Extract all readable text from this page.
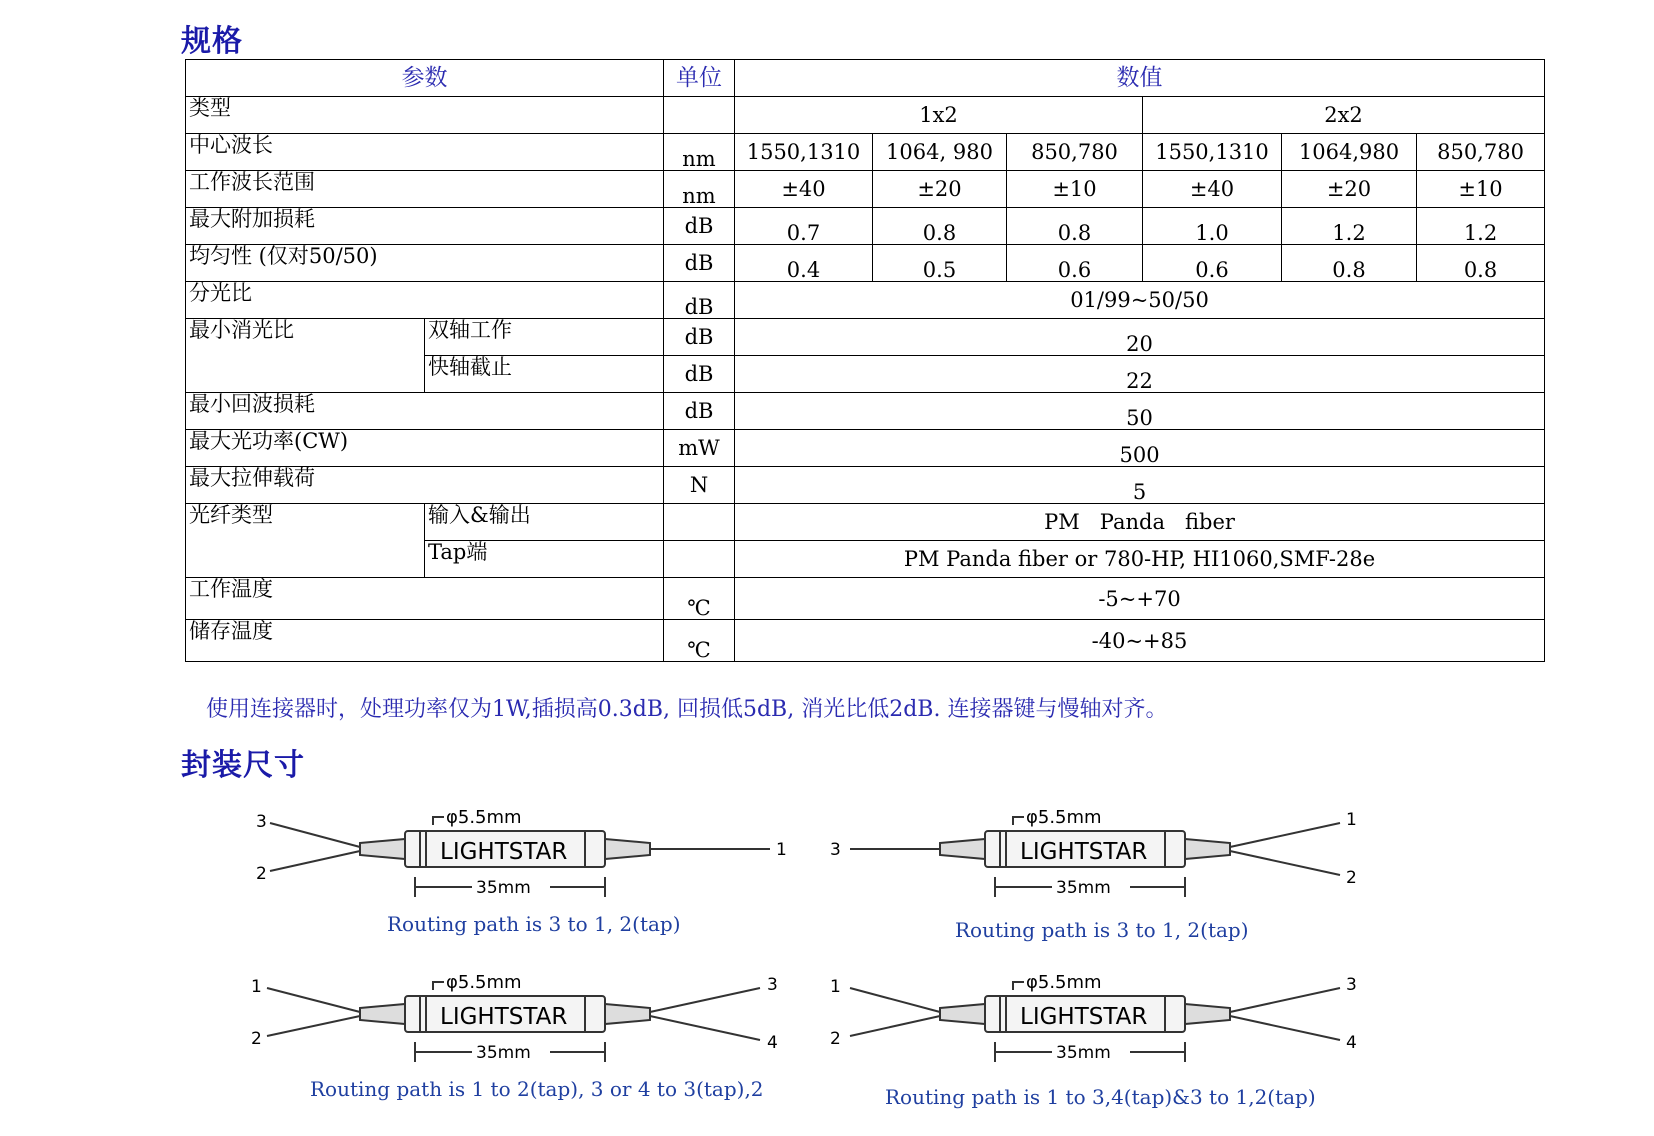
规格
参数		单位	数值					
类型			1x2			2x2		
中心波长		nm	1550,1310	1064, 980	850,780	1550,1310	1064,980	850,780
工作波长范围		nm	±40	±20	±10	±40	±20	±10
最大附加损耗		dB	0.7	0.8	0.8	1.0	1.2	1.2
均匀性 (仅对50/50)		dB	0.4	0.5	0.6	0.6	0.8	0.8
分光比		dB	01/99~50/50					
最小消光比	双轴工作	dB	20					
	快轴截止	dB	22					
最小回波损耗		dB	50					
最大光功率(CW)		mW	500					
最大拉伸载荷		N	5					
光纤类型	输入&输出		PM   Panda   fiber					
	Tap端		PM Panda fiber or 780-HP, HI1060,SMF-28e					
工作温度		℃	-5~+70					
储存温度		℃	-40~+85					
使用连接器时，处理功率仅为1W,插损高0.3dB, 回损低5dB, 消光比低2dB. 连接器键与慢轴对齐。
封装尺寸
3
2
1
φ5.5mm
LIGHTSTAR
35mm
Routing path is 3 to 1, 2(tap)
3
1
2
φ5.5mm
LIGHTSTAR
35mm
Routing path is 3 to 1, 2(tap)
1
2
3
4
φ5.5mm
LIGHTSTAR
35mm
Routing path is 1 to 2(tap), 3 or 4 to 3(tap),2
1
2
3
4
φ5.5mm
LIGHTSTAR
35mm
Routing path is 1 to 3,4(tap)&3 to 1,2(tap)
